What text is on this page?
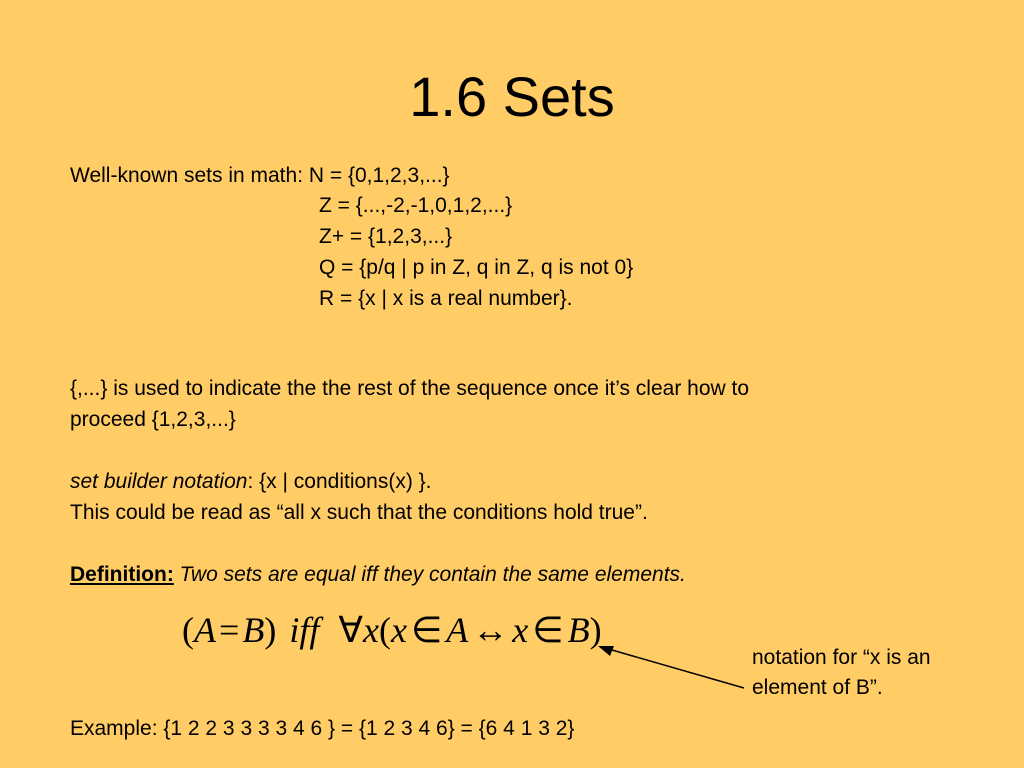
1.6 Sets
Well-known sets in math: N = {0,1,2,3,...}
Z = {...,-2,-1,0,1,2,...}
Z+ = {1,2,3,...}
Q = {p/q | p in Z, q in Z, q is not 0}
R = {x | x is a real number}.
{,...} is used to indicate the the rest of the sequence once it’s clear how to
proceed {1,2,3,...}
set builder notation: {x | conditions(x) }.
This could be read as “all x such that the conditions hold true”.
Definition: Two sets are equal iff they contain the same elements.
(A=B) iff ∀x(x ∈ A ↔ x ∈ B)
notation for “x is an
element of B”.
Example: {1 2 2 3 3 3 3 4 6 } = {1 2 3 4 6} = {6 4 1 3 2}
